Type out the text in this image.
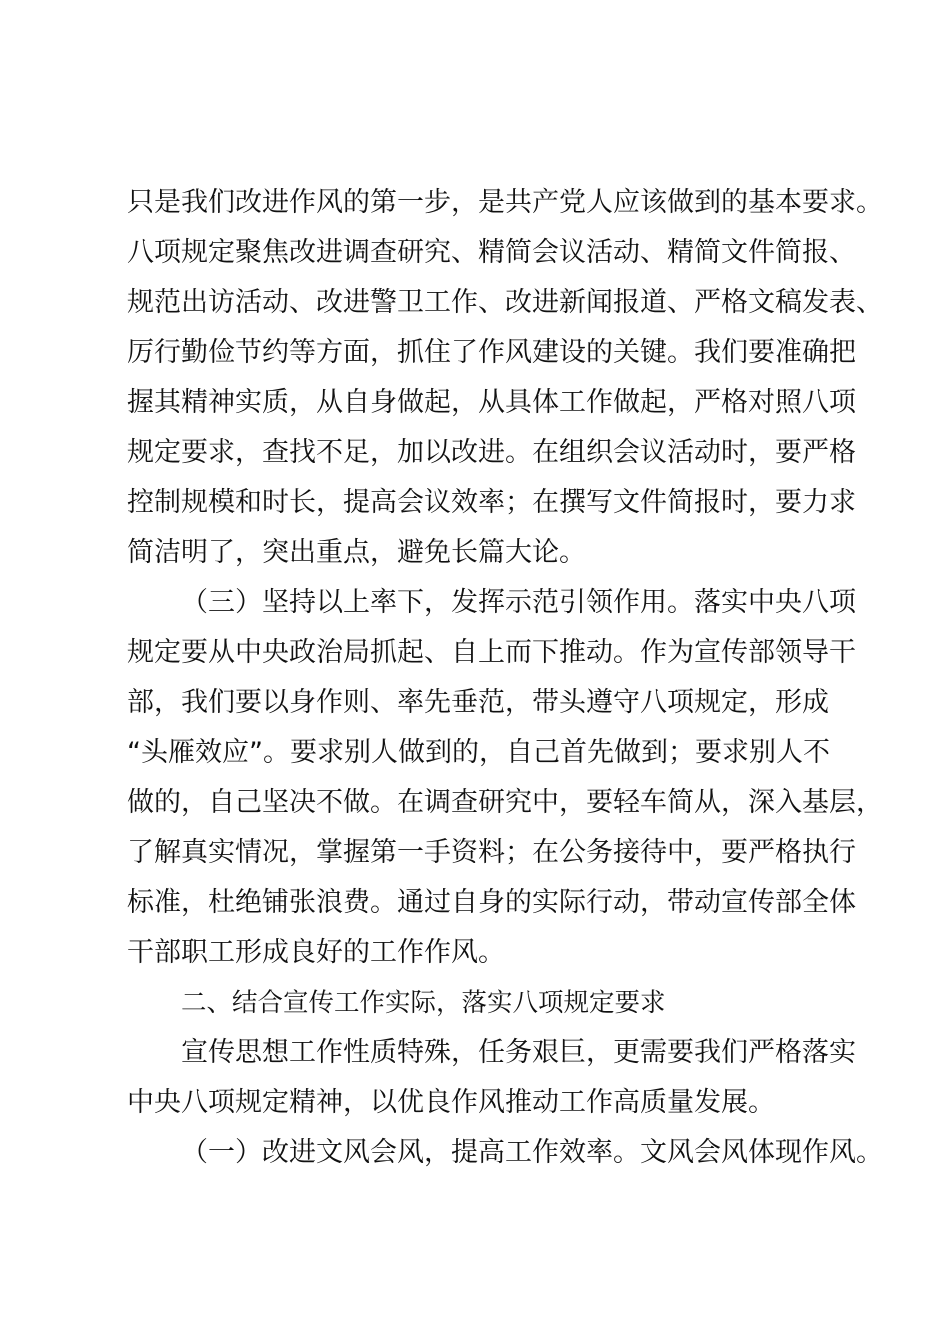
只是我们改进作风的第一步，是共产党人应该做到的基本要求。
八项规定聚焦改进调查研究、精简会议活动、精简文件简报、
规范出访活动、改进警卫工作、改进新闻报道、严格文稿发表、
厉行勤俭节约等方面，抓住了作风建设的关键。我们要准确把
握其精神实质，从自身做起，从具体工作做起，严格对照八项
规定要求，查找不足，加以改进。在组织会议活动时，要严格
控制规模和时长，提高会议效率；在撰写文件简报时，要力求
简洁明了，突出重点，避免长篇大论。
（三）坚持以上率下，发挥示范引领作用。落实中央八项
规定要从中央政治局抓起、自上而下推动。作为宣传部领导干
部，我们要以身作则、率先垂范，带头遵守八项规定，形成
“头雁效应”。要求别人做到的，自己首先做到；要求别人不
做的，自己坚决不做。在调查研究中，要轻车简从，深入基层，
了解真实情况，掌握第一手资料；在公务接待中，要严格执行
标准，杜绝铺张浪费。通过自身的实际行动，带动宣传部全体
干部职工形成良好的工作作风。
二、结合宣传工作实际，落实八项规定要求
宣传思想工作性质特殊，任务艰巨，更需要我们严格落实
中央八项规定精神，以优良作风推动工作高质量发展。
（一）改进文风会风，提高工作效率。文风会风体现作风。
